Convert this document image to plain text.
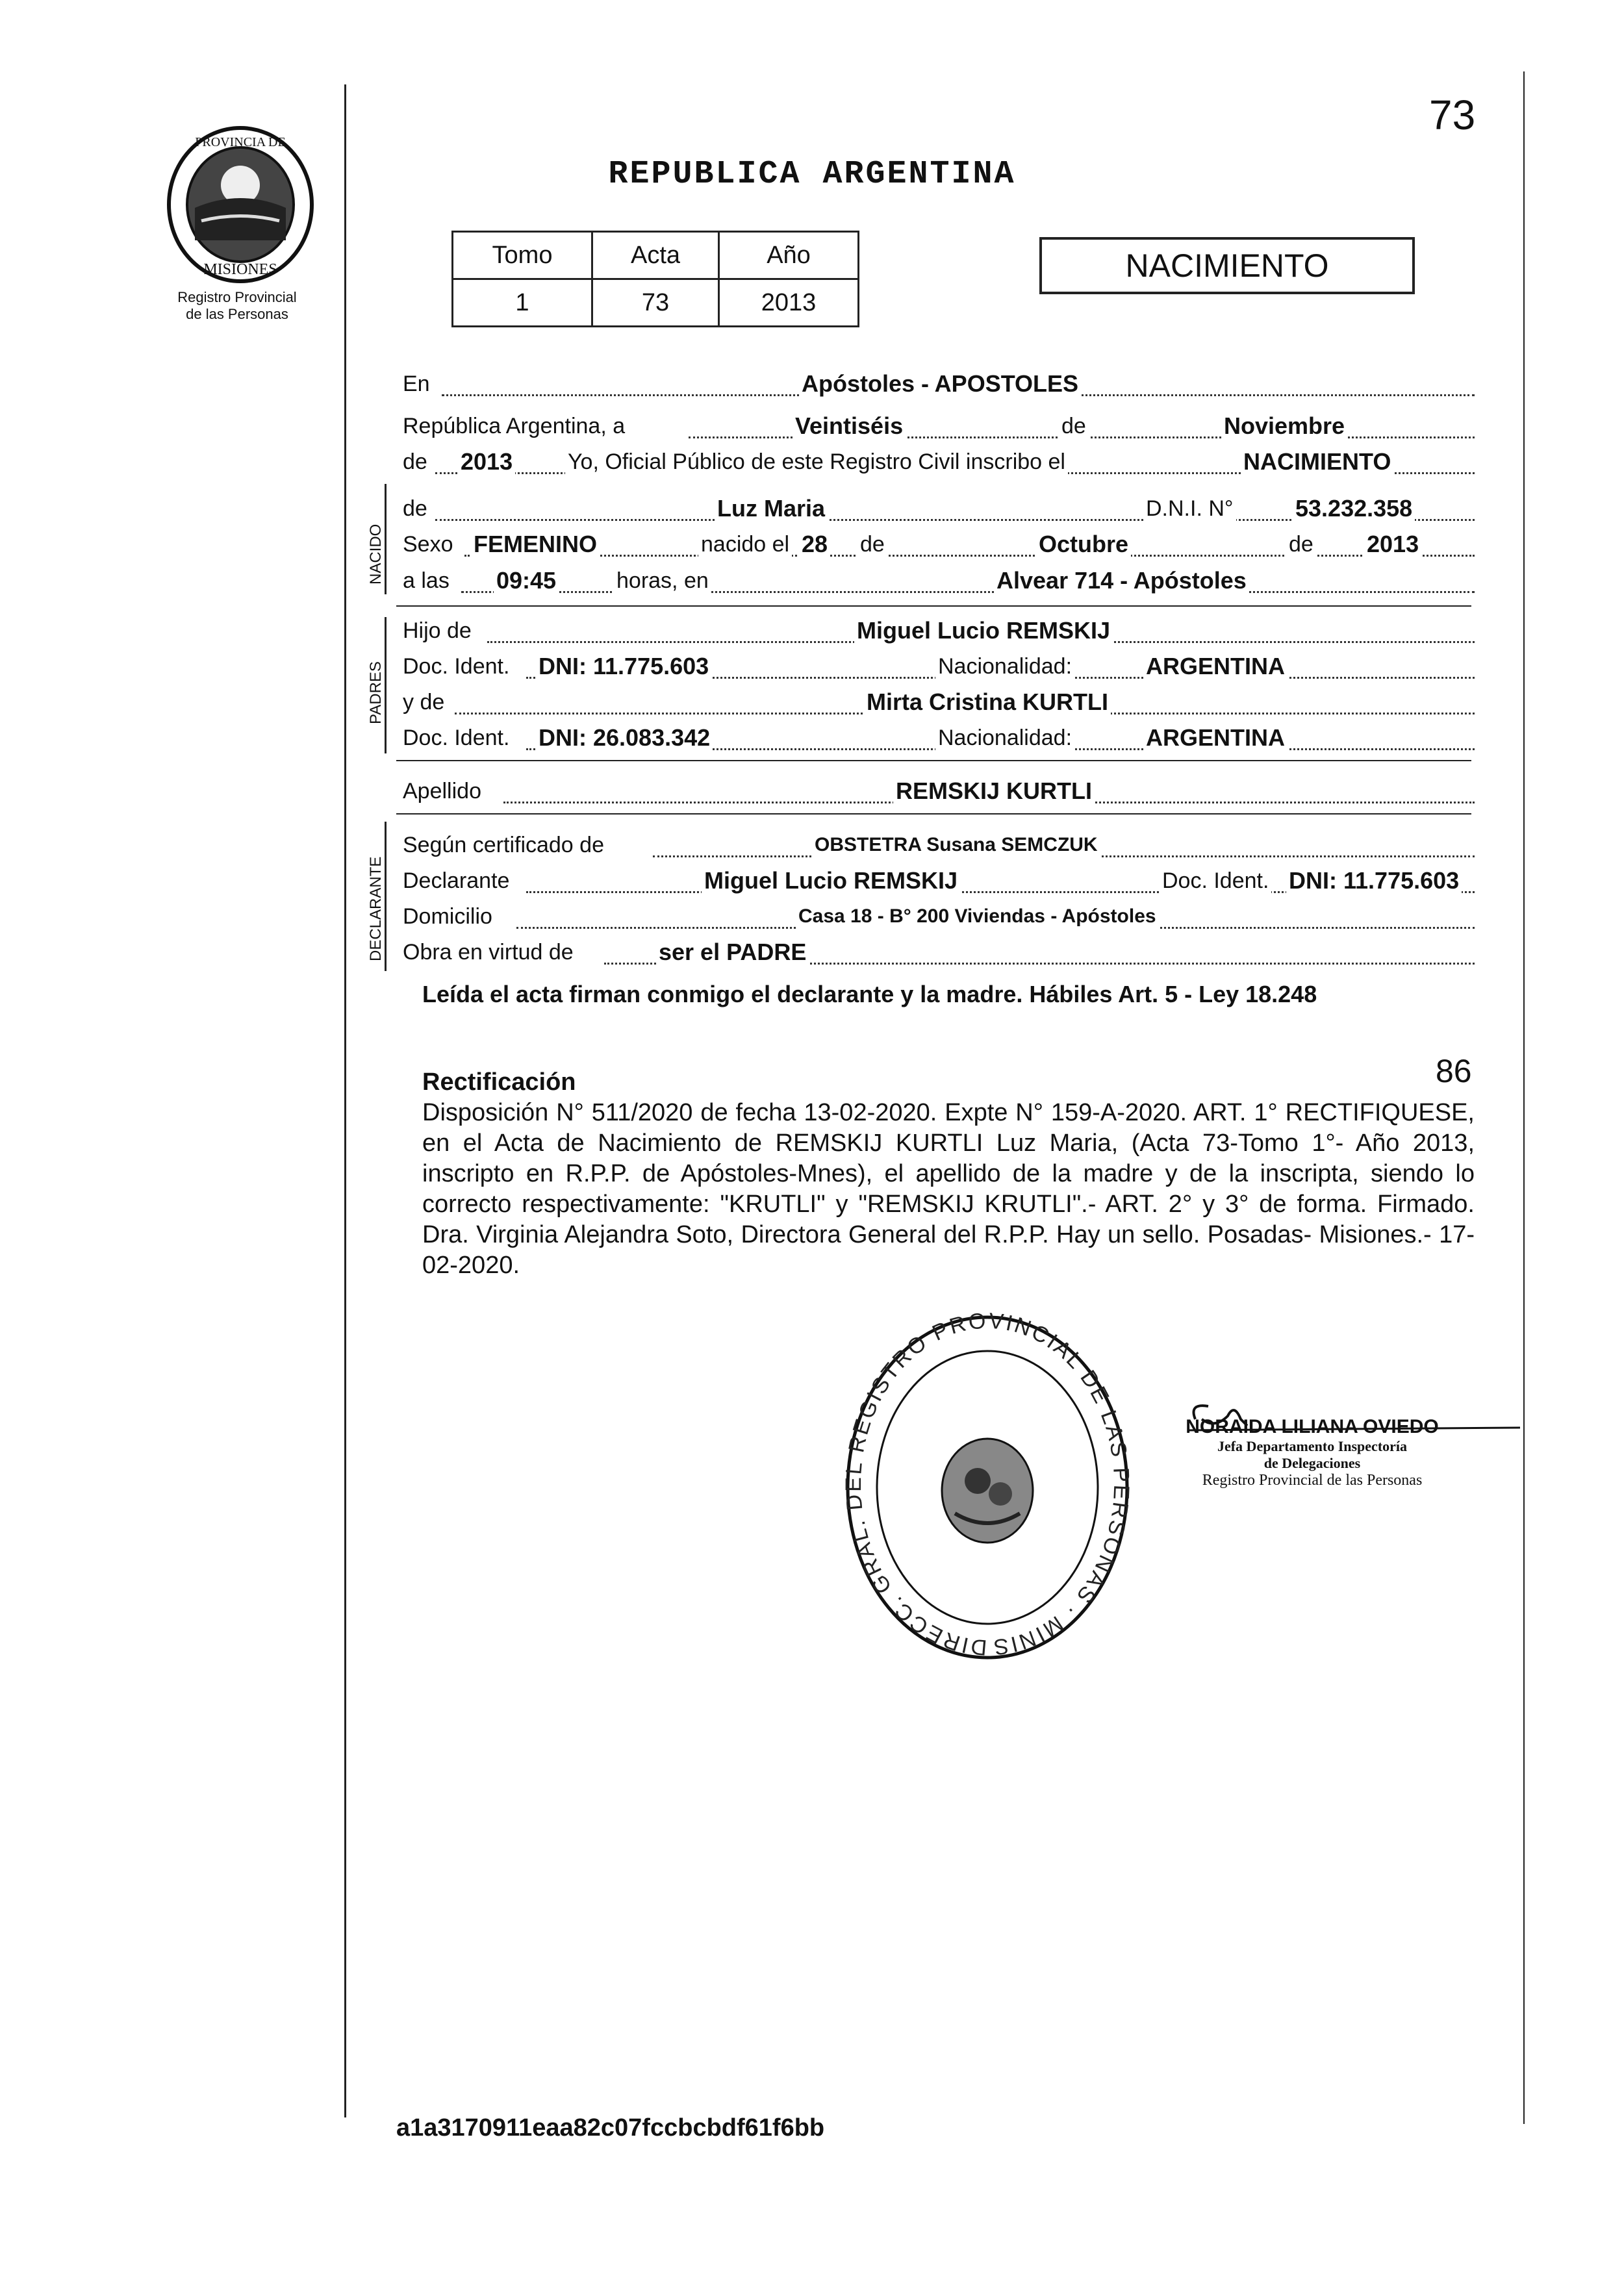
73
PROVINCIA DE
MISIONES
Registro Provincial
de las Personas
REPUBLICA ARGENTINA
Tomo	Acta	Año
1	73	2013
NACIMIENTO
NACIDO
PADRES
DECLARANTE
En	Apóstoles - APOSTOLES
República Argentina, a	Veintiséis	de	Noviembre
de 2013 Yo, Oficial Público de este Registro Civil inscribo el	NACIMIENTO
de	Luz Maria	D.N.I. N°	53.232.358
Sexo FEMENINO	nacido el 28 de	Octubre	de 2013
a las 09:45	horas, en	Alvear 714 - Apóstoles
Hijo de	Miguel Lucio REMSKIJ
Doc. Ident. DNI: 11.775.603	Nacionalidad:	ARGENTINA
y de	Mirta Cristina KURTLI
Doc. Ident. DNI: 26.083.342	Nacionalidad:	ARGENTINA
Apellido	REMSKIJ KURTLI
Según certificado de	OBSTETRA Susana SEMCZUK
Declarante	Miguel Lucio REMSKIJ	Doc. Ident. DNI: 11.775.603
Domicilio	Casa 18 - B° 200 Viviendas - Apóstoles
Obra en virtud de	ser el PADRE
Leída el acta firman conmigo el declarante y la madre. Hábiles Art. 5 - Ley 18.248
86
Rectificación
Disposición N° 511/2020 de fecha 13-02-2020. Expte N° 159-A-2020. ART. 1° RECTIFIQUESE, en el Acta de Nacimiento de REMSKIJ KURTLI Luz Maria, (Acta 73-Tomo 1°- Año 2013, inscripto en R.P.P. de Apóstoles-Mnes), el apellido de la madre y de la inscripta, siendo lo correcto respectivamente: "KRUTLI" y "REMSKIJ KRUTLI".- ART. 2° y 3° de forma. Firmado. Dra. Virginia Alejandra Soto, Directora General del R.P.P. Hay un sello. Posadas- Misiones.- 17-02-2020.
DIRECC. GRAL. DEL REGISTRO PROVINCIAL DE LAS PERSONAS · MINIS
NORAIDA LILIANA OVIEDO
Jefa Departamento Inspectoría
de Delegaciones
Registro Provincial de las Personas
a1a3170911eaa82c07fccbcbdf61f6bb
